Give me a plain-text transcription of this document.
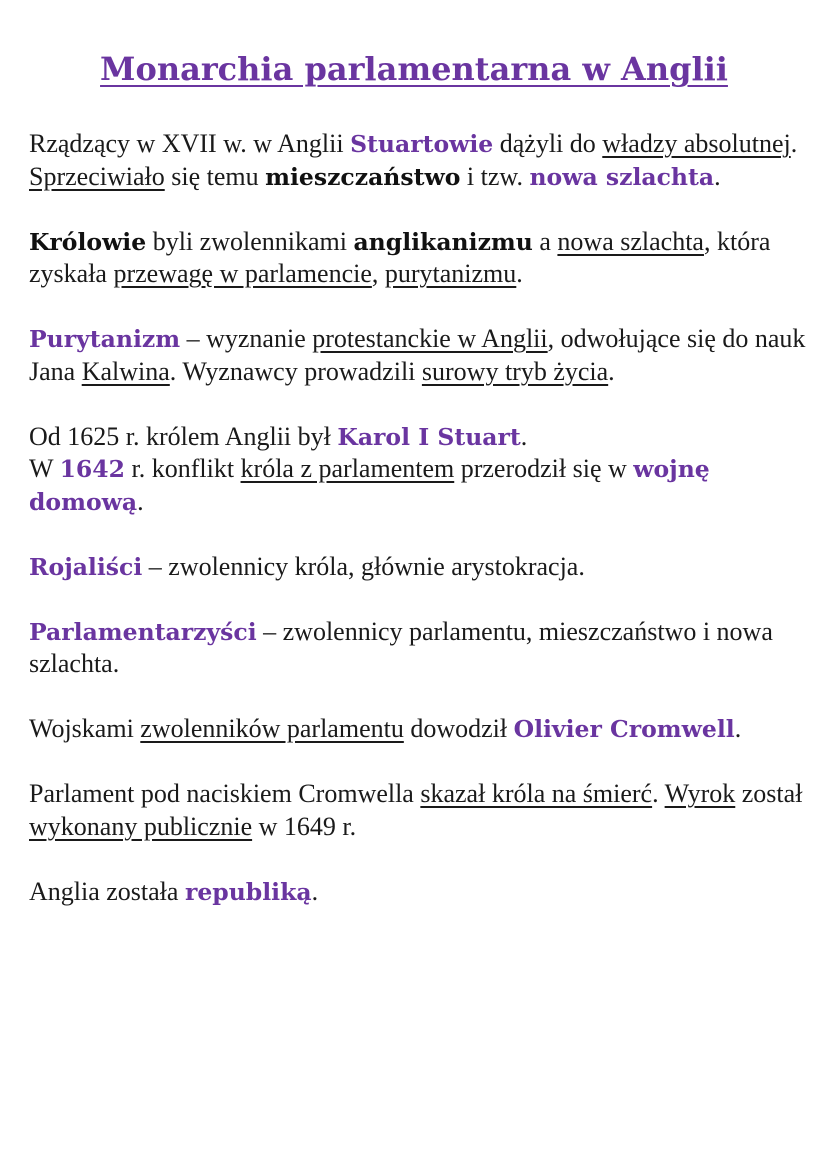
Monarchia parlamentarna w Anglii

Rządzący w XVII w. w Anglii Stuartowie dążyli do władzy absolutnej.
Sprzeciwiało się temu mieszczaństwo i tzw. nowa szlachta.

Królowie byli zwolennikami anglikanizmu a nowa szlachta, która zyskała przewagę w parlamencie, purytanizmu.

Purytanizm – wyznanie protestanckie w Anglii, odwołujące się do nauk Jana Kalwina. Wyznawcy prowadzili surowy tryb życia.

Od 1625 r. królem Anglii był Karol I Stuart.
W 1642 r. konflikt króla z parlamentem przerodził się w wojnę domową.

Rojaliści – zwolennicy króla, głównie arystokracja.

Parlamentarzyści – zwolennicy parlamentu, mieszczaństwo i nowa szlachta.

Wojskami zwolenników parlamentu dowodził Olivier Cromwell.

Parlament pod naciskiem Cromwella skazał króla na śmierć. Wyrok został wykonany publicznie w 1649 r.

Anglia została republiką.
